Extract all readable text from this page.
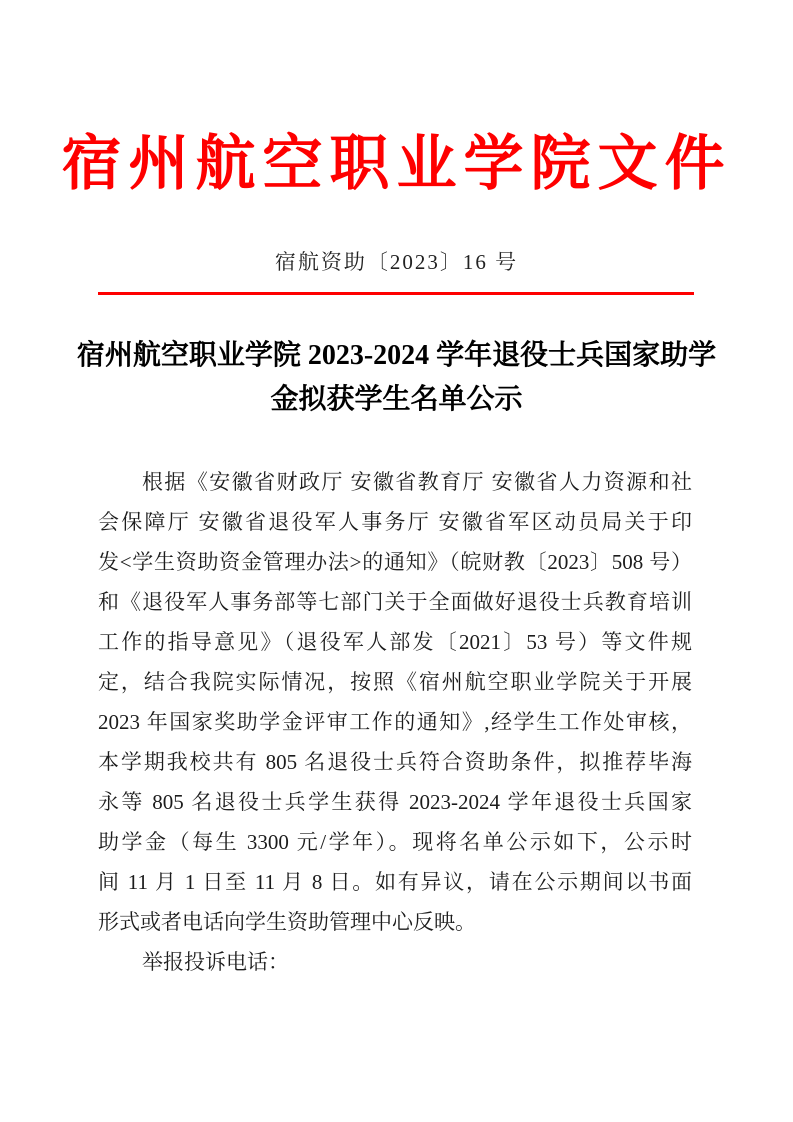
宿州航空职业学院文件
宿航资助〔2023〕16 号
宿州航空职业学院 2023-2024 学年退役士兵国家助学
金拟获学生名单公示
根据《安徽省财政厅 安徽省教育厅 安徽省人力资源和社
会保障厅 安徽省退役军人事务厅 安徽省军区动员局关于印
发<学生资助资金管理办法>的通知》（皖财教〔2023〕508 号）
和《退役军人事务部等七部门关于全面做好退役士兵教育培训
工作的指导意见》（退役军人部发〔2021〕53 号）等文件规
定，结合我院实际情况，按照《宿州航空职业学院关于开展
2023 年国家奖助学金评审工作的通知》,经学生工作处审核，
本学期我校共有 805 名退役士兵符合资助条件，拟推荐毕海
永等 805 名退役士兵学生获得 2023-2024 学年退役士兵国家
助学金（每生 3300 元/学年）。现将名单公示如下，公示时
间 11 月 1 日至 11 月 8 日。如有异议，请在公示期间以书面
形式或者电话向学生资助管理中心反映。
举报投诉电话：
